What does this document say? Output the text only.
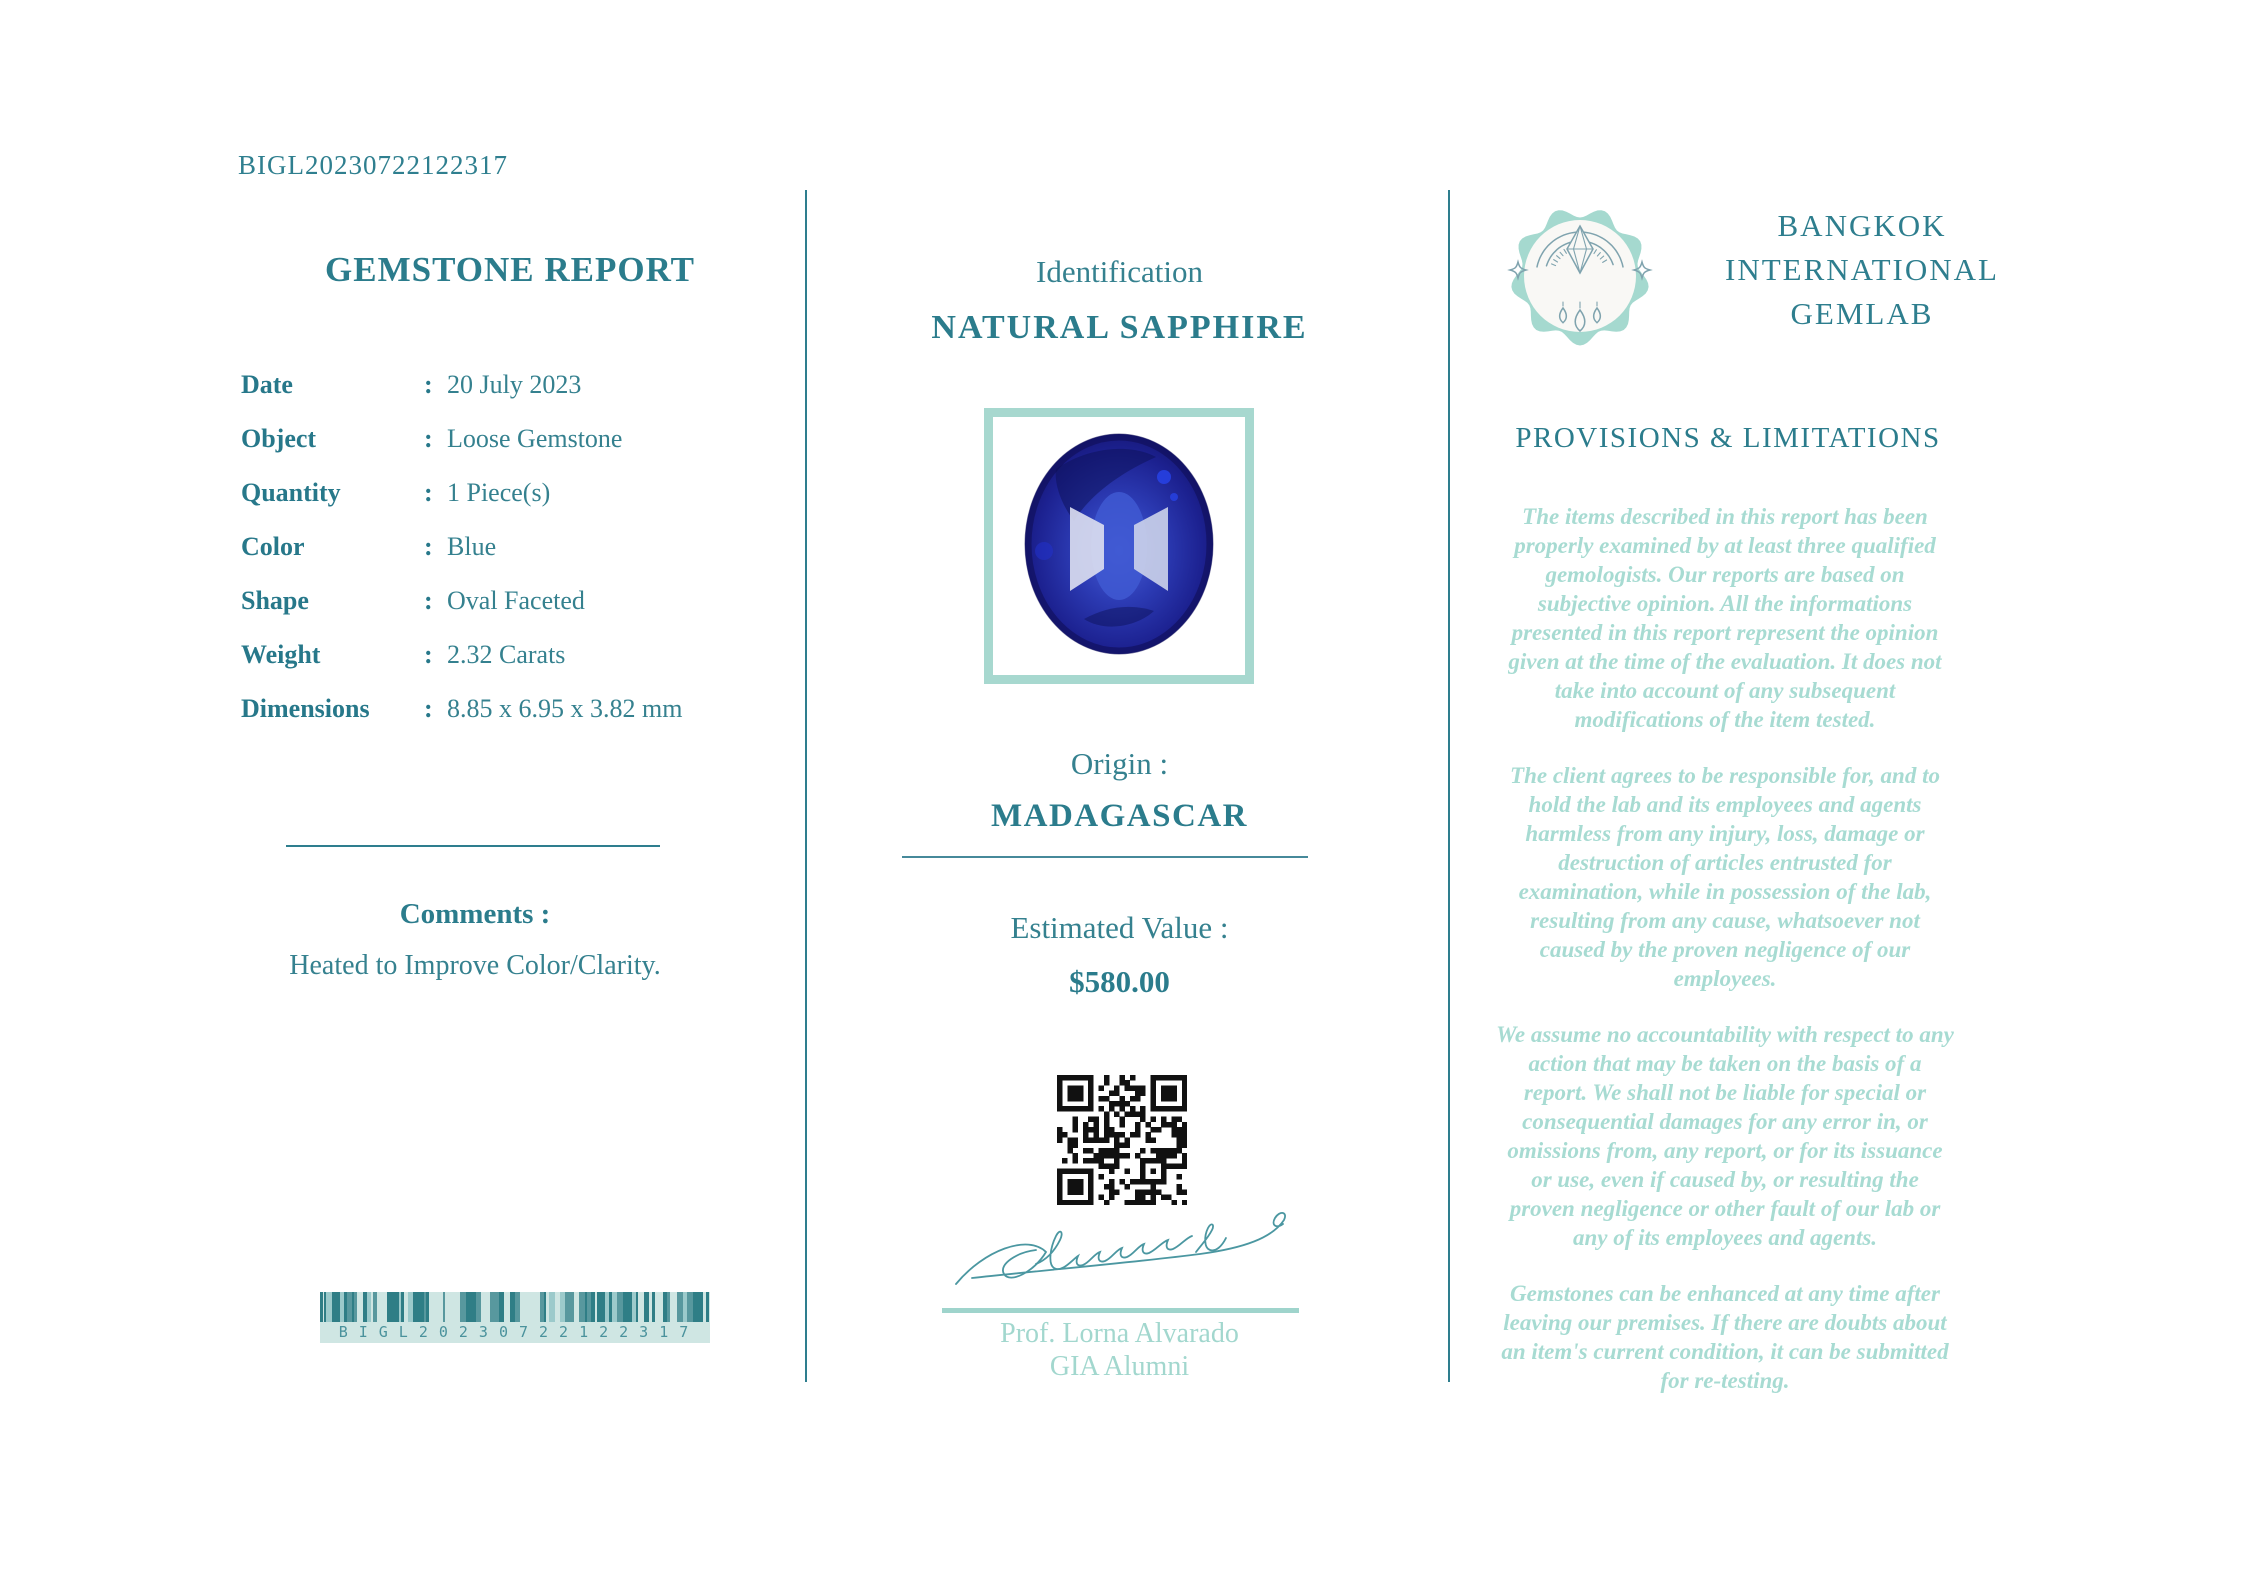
BIGL20230722122317
GEMSTONE REPORT
Date	: 20 July 2023
Object	: Loose Gemstone
Quantity	: 1 Piece(s)
Color	: Blue
Shape	: Oval Faceted
Weight	: 2.32 Carats
Dimensions	: 8.85 x 6.95 x 3.82 mm
Comments :
Heated to Improve Color/Clarity.
BIGL20230722122317
Identification
NATURAL SAPPHIRE
Origin :
MADAGASCAR
Estimated Value :
$580.00
Prof. Lorna Alvarado
GIA Alumni
BANGKOK
INTERNATIONAL
GEMLAB
PROVISIONS & LIMITATIONS

The items described in this report has been properly examined by at least three qualified gemologists. Our reports are based on subjective opinion. All the informations presented in this report represent the opinion given at the time of the evaluation. It does not take into account of any subsequent modifications of the item tested.

The client agrees to be responsible for, and to hold the lab and its employees and agents harmless from any injury, loss, damage or destruction of articles entrusted for examination, while in possession of the lab, resulting from any cause, whatsoever not caused by the proven negligence of our employees.

We assume no accountability with respect to any action that may be taken on the basis of a report. We shall not be liable for special or consequential damages for any error in, or omissions from, any report, or for its issuance or use, even if caused by, or resulting the proven negligence or other fault of our lab or any of its employees and agents.

Gemstones can be enhanced at any time after leaving our premises. If there are doubts about an item's current condition, it can be submitted for re-testing.
